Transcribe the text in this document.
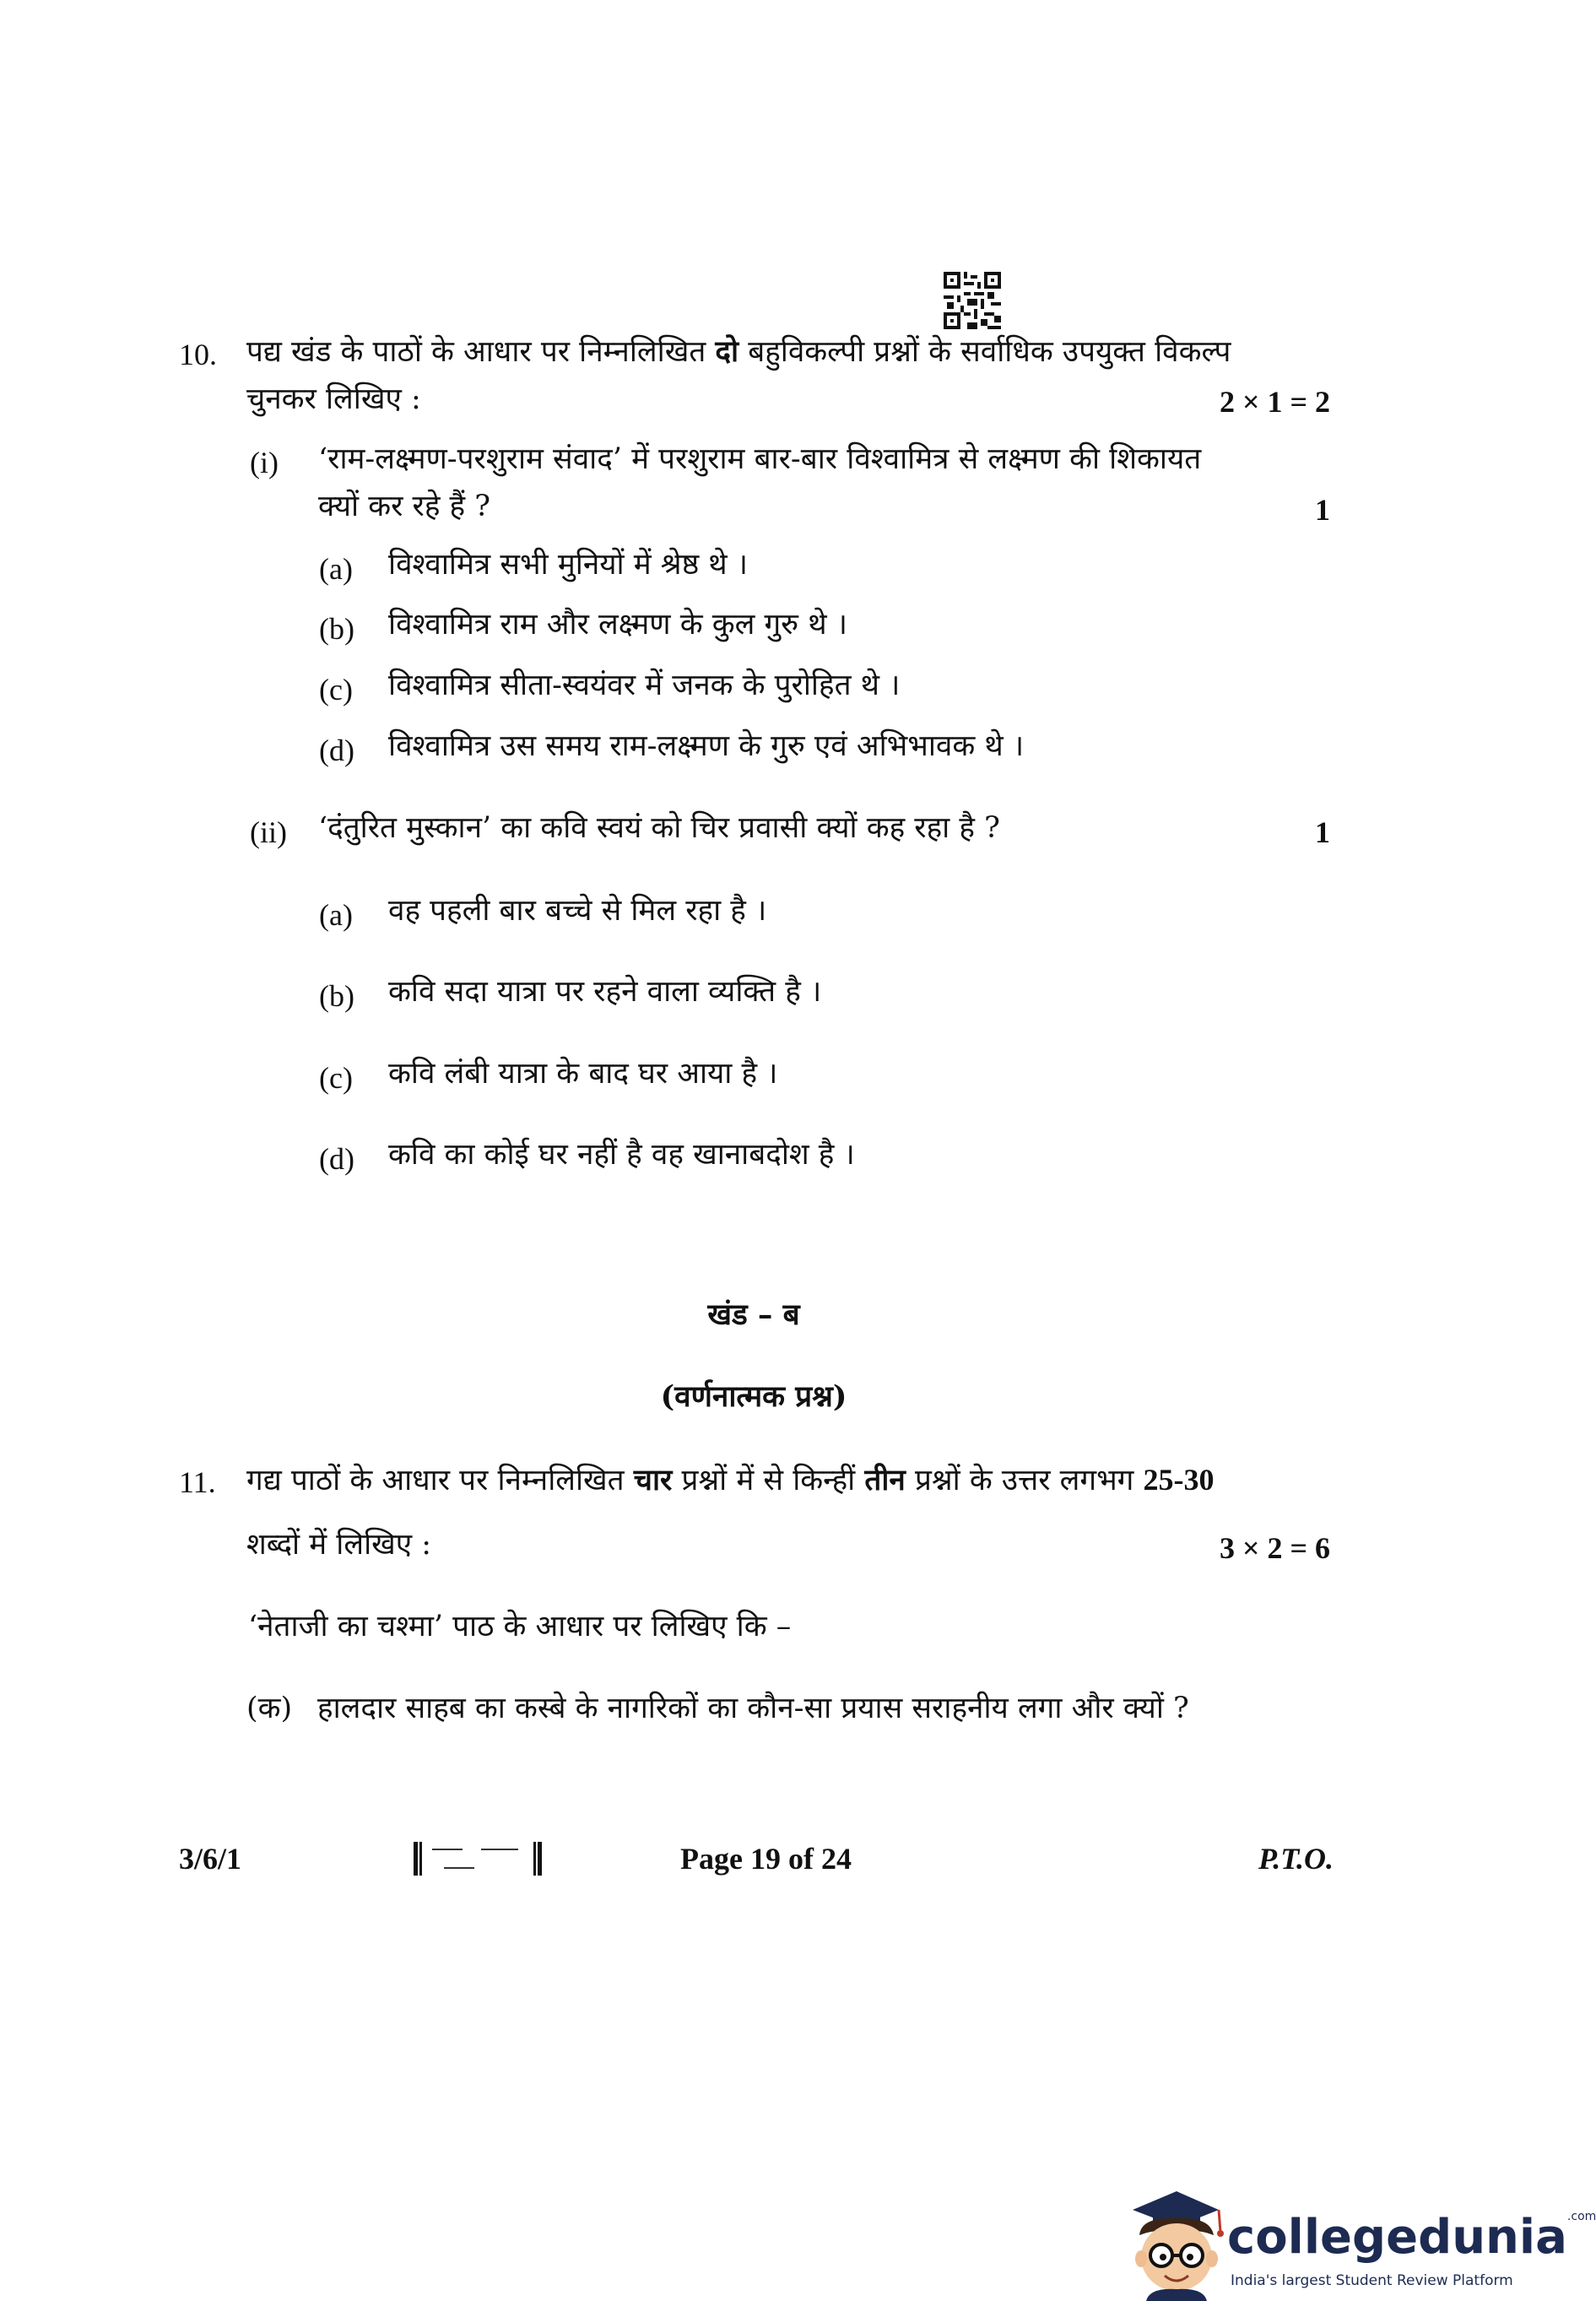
10. पद्य खंड के पाठों के आधार पर निम्नलिखित दो बहुविकल्पी प्रश्नों के सर्वाधिक उपयुक्त विकल्प
चुनकर लिखिए :	2 × 1 = 2
(i) ‘राम-लक्ष्मण-परशुराम संवाद’ में परशुराम बार-बार विश्वामित्र से लक्ष्मण की शिकायत
क्यों कर रहे हैं ?	1
(a) विश्वामित्र सभी मुनियों में श्रेष्ठ थे ।
(b) विश्वामित्र राम और लक्ष्मण के कुल गुरु थे ।
(c) विश्वामित्र सीता-स्वयंवर में जनक के पुरोहित थे ।
(d) विश्वामित्र उस समय राम-लक्ष्मण के गुरु एवं अभिभावक थे ।
(ii) ‘दंतुरित मुस्कान’ का कवि स्वयं को चिर प्रवासी क्यों कह रहा है ?	1
(a) वह पहली बार बच्चे से मिल रहा है ।
(b) कवि सदा यात्रा पर रहने वाला व्यक्ति है ।
(c) कवि लंबी यात्रा के बाद घर आया है ।
(d) कवि का कोई घर नहीं है वह खानाबदोश है ।
खंड – ब
(वर्णनात्मक प्रश्न)
11. गद्य पाठों के आधार पर निम्नलिखित चार प्रश्नों में से किन्हीं तीन प्रश्नों के उत्तर लगभग 25-30
शब्दों में लिखिए :	3 × 2 = 6
‘नेताजी का चश्मा’ पाठ के आधार पर लिखिए कि –
(क) हालदार साहब का कस्बे के नागरिकों का कौन-सा प्रयास सराहनीय लगा और क्यों ?
3/6/1	Page 19 of 24	P.T.O.
collegedunia$^{.com}$
India's largest Student Review Platform
